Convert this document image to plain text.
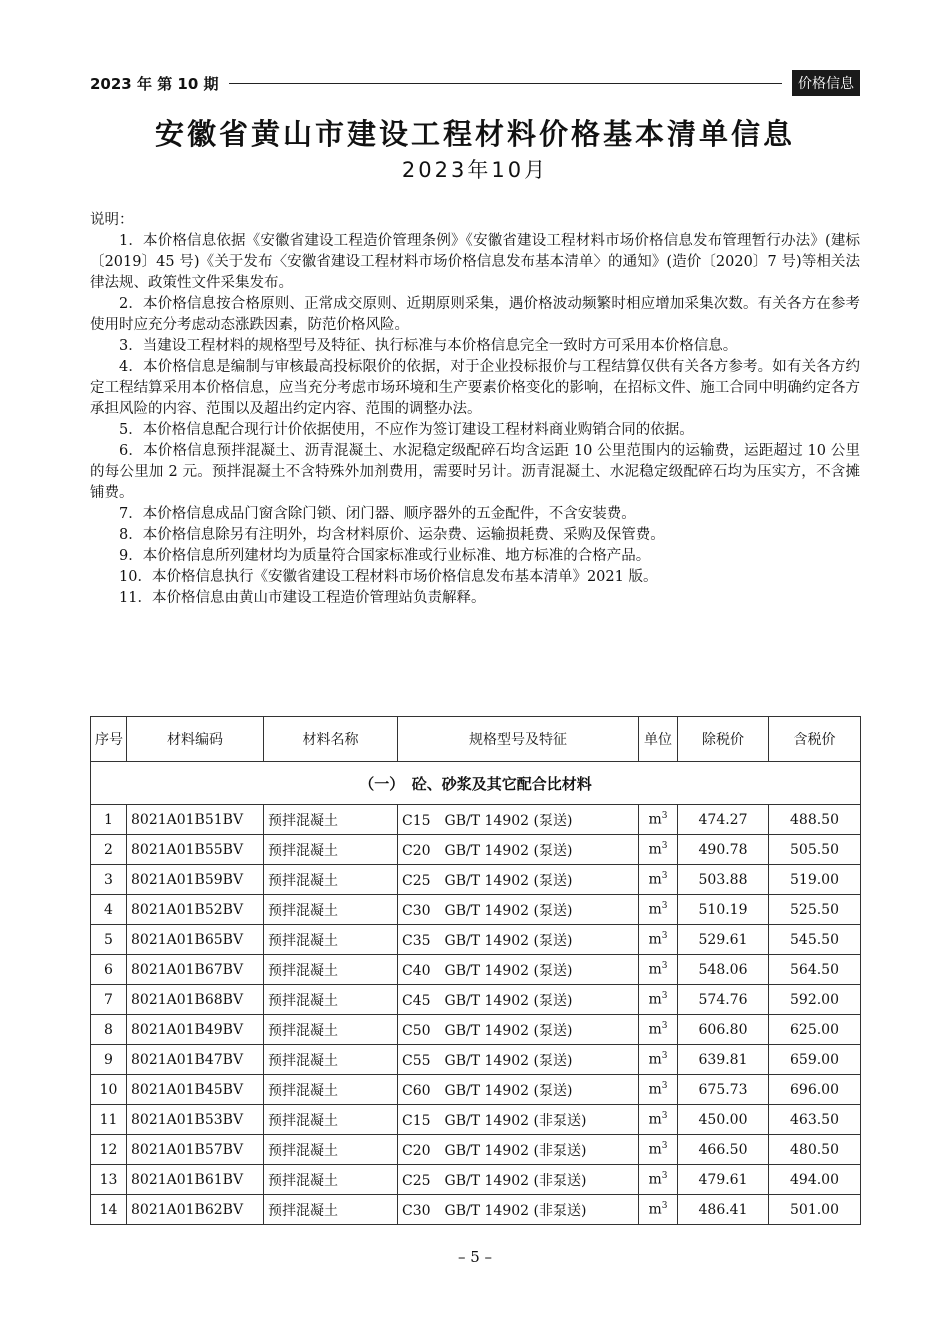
2023 年 第 10 期	价格信息
安徽省黄山市建设工程材料价格基本清单信息
2023年10月
说明：

1．本价格信息依据《安徽省建设工程造价管理条例》《安徽省建设工程材料市场价格信息发布管理暂行办法》(建标〔2019〕45 号)《关于发布〈安徽省建设工程材料市场价格信息发布基本清单〉的通知》(造价〔2020〕7 号)等相关法律法规、政策性文件采集发布。

2．本价格信息按合格原则、正常成交原则、近期原则采集，遇价格波动频繁时相应增加采集次数。有关各方在参考使用时应充分考虑动态涨跌因素，防范价格风险。

3．当建设工程材料的规格型号及特征、执行标准与本价格信息完全一致时方可采用本价格信息。

4．本价格信息是编制与审核最高投标限价的依据，对于企业投标报价与工程结算仅供有关各方参考。如有关各方约定工程结算采用本价格信息，应当充分考虑市场环境和生产要素价格变化的影响，在招标文件、施工合同中明确约定各方承担风险的内容、范围以及超出约定内容、范围的调整办法。

5．本价格信息配合现行计价依据使用，不应作为签订建设工程材料商业购销合同的依据。

6．本价格信息预拌混凝土、沥青混凝土、水泥稳定级配碎石均含运距 10 公里范围内的运输费，运距超过 10 公里的每公里加 2 元。预拌混凝土不含特殊外加剂费用，需要时另计。沥青混凝土、水泥稳定级配碎石均为压实方，不含摊铺费。

7．本价格信息成品门窗含除门锁、闭门器、顺序器外的五金配件，不含安装费。

8．本价格信息除另有注明外，均含材料原价、运杂费、运输损耗费、采购及保管费。

9．本价格信息所列建材均为质量符合国家标准或行业标准、地方标准的合格产品。

10．本价格信息执行《安徽省建设工程材料市场价格信息发布基本清单》2021 版。

11．本价格信息由黄山市建设工程造价管理站负责解释。

序号	材料编码	材料名称	规格型号及特征	单位	除税价	含税价
（一）　砼、砂浆及其它配合比材料						
1	8021A01B51BV	预拌混凝土	C15　GB/T 14902 (泵送)	$m^3$	474.27	488.50
2	8021A01B55BV	预拌混凝土	C20　GB/T 14902 (泵送)	$m^3$	490.78	505.50
3	8021A01B59BV	预拌混凝土	C25　GB/T 14902 (泵送)	$m^3$	503.88	519.00
4	8021A01B52BV	预拌混凝土	C30　GB/T 14902 (泵送)	$m^3$	510.19	525.50
5	8021A01B65BV	预拌混凝土	C35　GB/T 14902 (泵送)	$m^3$	529.61	545.50
6	8021A01B67BV	预拌混凝土	C40　GB/T 14902 (泵送)	$m^3$	548.06	564.50
7	8021A01B68BV	预拌混凝土	C45　GB/T 14902 (泵送)	$m^3$	574.76	592.00
8	8021A01B49BV	预拌混凝土	C50　GB/T 14902 (泵送)	$m^3$	606.80	625.00
9	8021A01B47BV	预拌混凝土	C55　GB/T 14902 (泵送)	$m^3$	639.81	659.00
10	8021A01B45BV	预拌混凝土	C60　GB/T 14902 (泵送)	$m^3$	675.73	696.00
11	8021A01B53BV	预拌混凝土	C15　GB/T 14902 (非泵送)	$m^3$	450.00	463.50
12	8021A01B57BV	预拌混凝土	C20　GB/T 14902 (非泵送)	$m^3$	466.50	480.50
13	8021A01B61BV	预拌混凝土	C25　GB/T 14902 (非泵送)	$m^3$	479.61	494.00
14	8021A01B62BV	预拌混凝土	C30　GB/T 14902 (非泵送)	$m^3$	486.41	501.00
– 5 –
